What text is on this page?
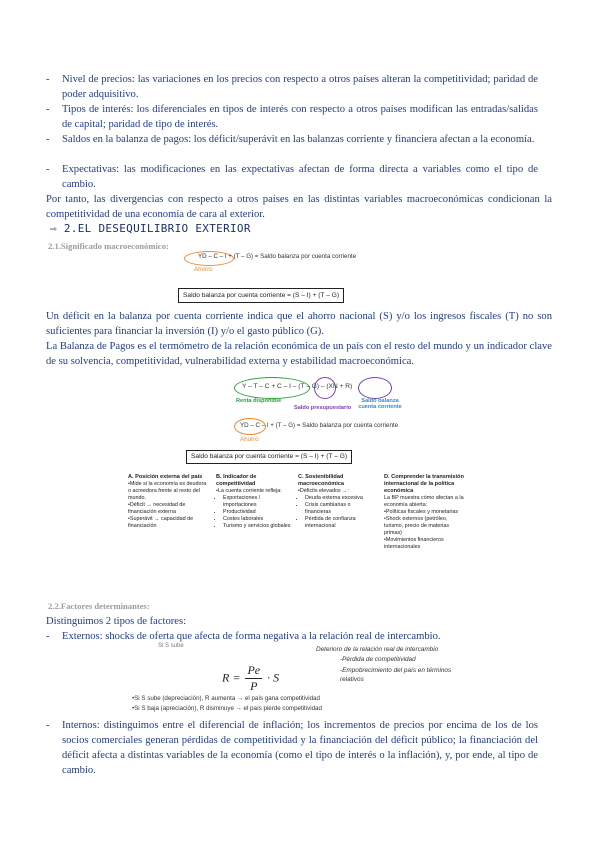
- Nivel de precios: las variaciones en los precios con respecto a otros países alteran la competitividad; paridad de poder adquisitivo.
- Tipos de interés: los diferenciales en tipos de interés con respecto a otros países modifican las entradas/salidas de capital; paridad de tipo de interés.
- Saldos en la balanza de pagos: los déficit/superávit en las balanzas corriente y financiera afectan a la economía.
- Expectativas: las modificaciones en las expectativas afectan de forma directa a variables como el tipo de cambio.
Por tanto, las divergencias con respecto a otros países en las distintas variables macroeconómicas condicionan la competitividad de una economía de cara al exterior.
⇨ 2.EL DESEQUILIBRIO EXTERIOR
2.1.Significado macroeconómico:
YD – C – I + (T – G) = Saldo balanza por cuenta corriente
Ahorro
Saldo balanza por cuenta corriente = (S – I) + (T – G)
Un déficit en la balanza por cuenta corriente indica que el ahorro nacional (S) y/o los ingresos fiscales (T) no son suficientes para financiar la inversión (I) y/o el gasto público (G).
La Balanza de Pagos es el termómetro de la relación económica de un país con el resto del mundo y un indicador clave de su solvencia, competitividad, vulnerabilidad externa y estabilidad macroeconómica.
Y – T – C + C – I – (T – G) – (XN + R)
Renta disponible
Saldo presupuestario
Saldo balanza cuenta corriente
YD – C – I + (T – G) = Saldo balanza por cuenta corriente
Ahorro
Saldo balanza por cuenta corriente = (S – I) + (T – G)
A. Posición externa del país
•Mide si la economía es deudora o acreedora frente al resto del mundo.
•Déficit → necesidad de financiación externa
•Superávit → capacidad de financiación
B. Indicador de competitividad
•La cuenta corriente refleja:
• Exportaciones / importaciones
• Productividad
• Costes laborales
• Turismo y servicios globales
C. Sostenibilidad macroeconómica
•Déficits elevados →:
• Deuda externa excesiva
• Crisis cambiarias o financieras
• Pérdida de confianza internacional
D. Comprender la transmisión internacional de la política económica
La BP muestra cómo afectan a la economía abierta:
•Políticas fiscales y monetarias
•Shock externos (petróleo, turismo, precio de materias primas)
•Movimientos financieros internacionales
2.2.Factores determinantes:
Distinguimos 2 tipos de factores:
- Externos: shocks de oferta que afecta de forma negativa a la relación real de intercambio.
Si S sube
$R = \frac{Pe}{P} \cdot S$
Deterioro de la relación real de intercambio
-Pérdida de competitividad
-Empobrecimiento del país en términos relativos
•Si S sube (depreciación), R aumenta → el país gana competitividad
•Si S baja (apreciación), R disminuye → el país pierde competitividad
- Internos: distinguimos entre el diferencial de inflación; los incrementos de precios por encima de los de los socios comerciales generan pérdidas de competitividad y la financiación del déficit público; la financiación del déficit afecta a distintas variables de la economía (como el tipo de interés o la inflación), y, por ende, al tipo de cambio.
